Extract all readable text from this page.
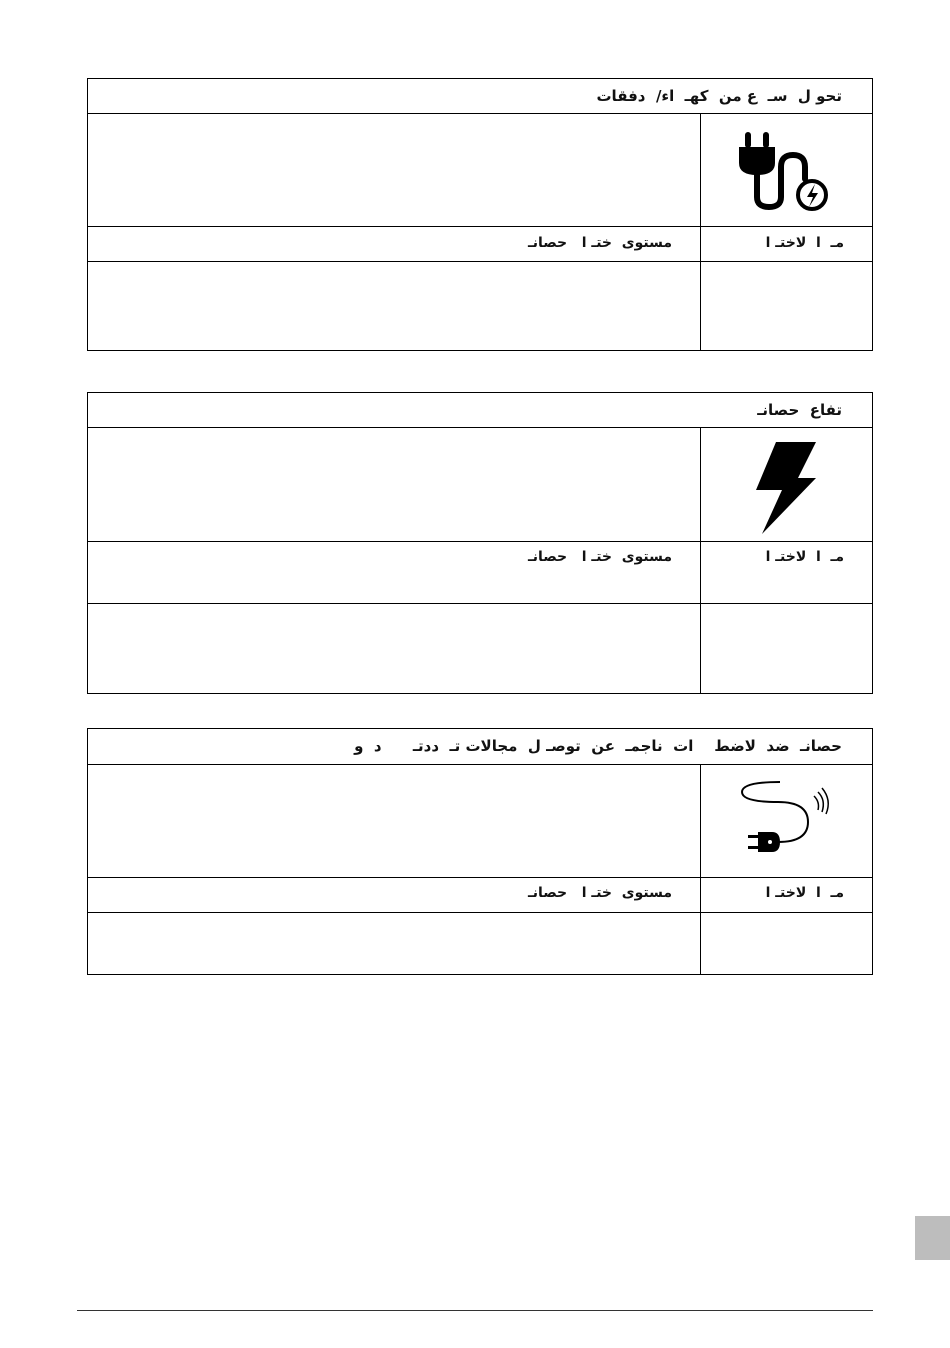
تحو ل  سـ  ع من  كهـ  اء/  دفقات
مـ  ا  لاختـ ا
مستوى  ختـ ا   حصانـ
تفاع  حصانـ
مـ  ا  لاختـ ا
مستوى  ختـ ا   حصانـ
حصانـ  ضد  لاضط    ات  ناجمـ  عن  توصـ ل  مجالات تـ  ددتـ      د  و
مـ  ا  لاختـ ا
مستوى  ختـ ا   حصانـ
